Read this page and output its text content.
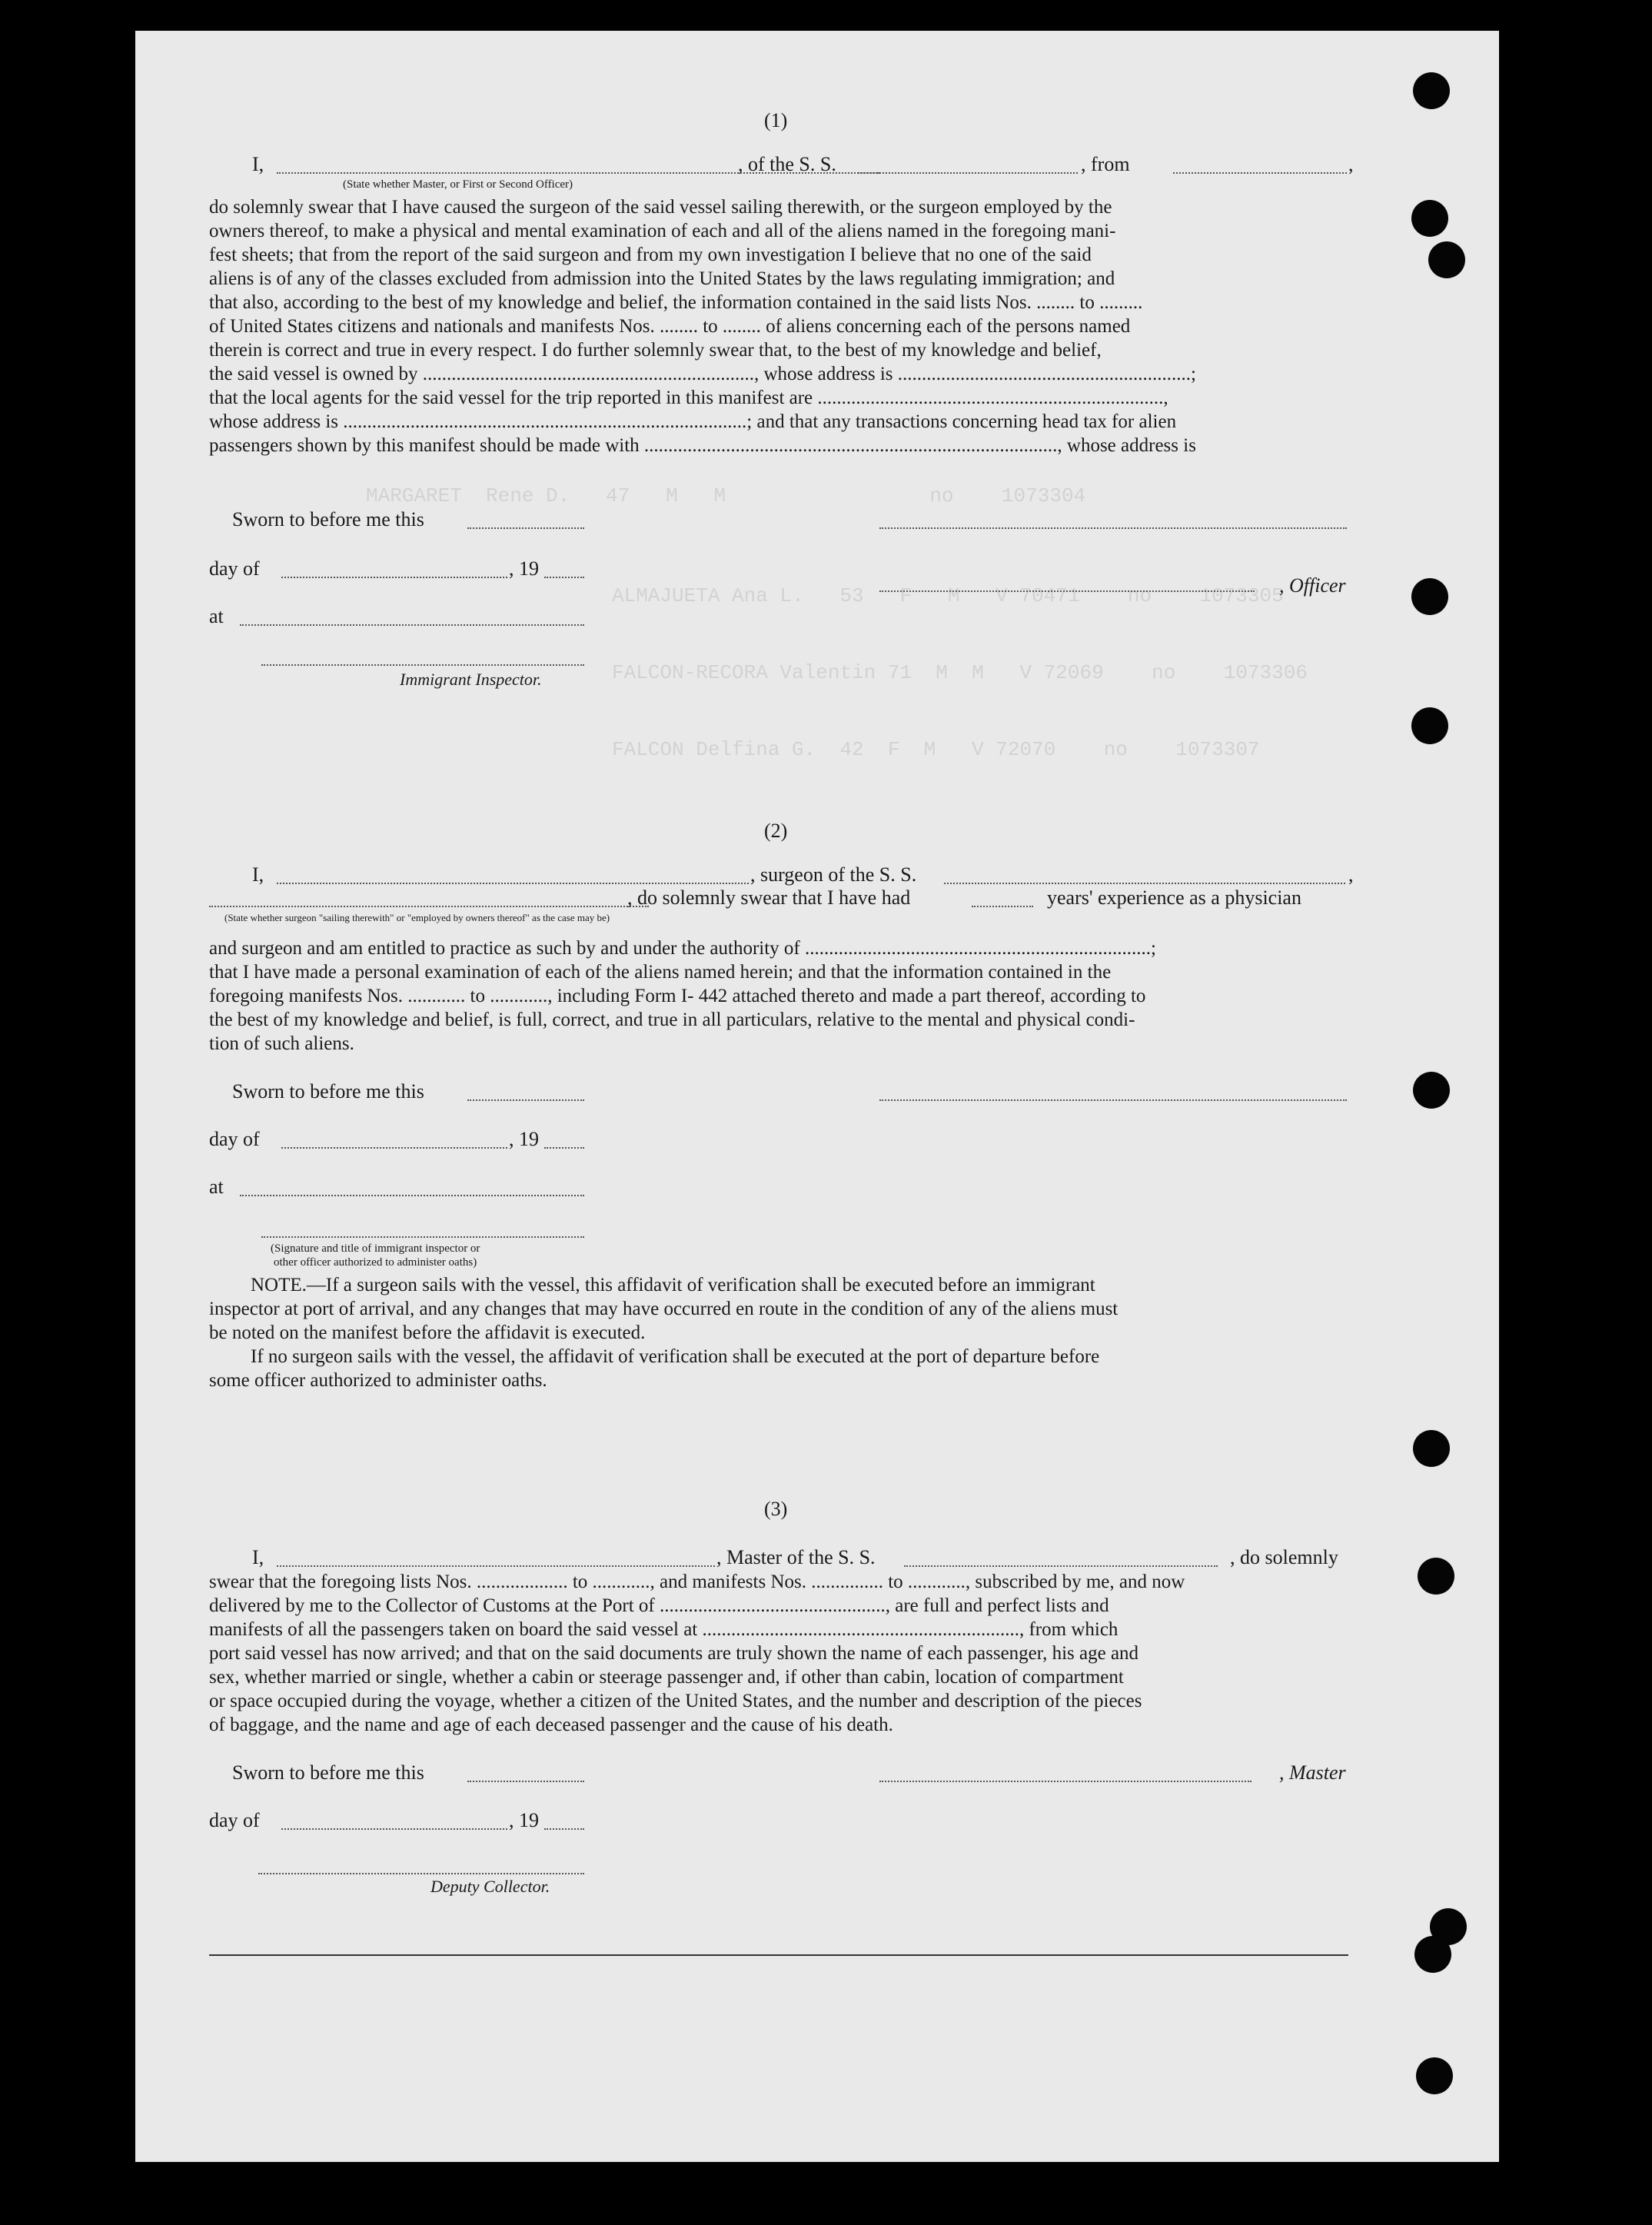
MARGARET  Rene D.   47   M   M                 no    1073304
ALMAJUETA Ana L.   53   F   M   V 70471    no    1073305
FALCON-RECORA Valentin 71  M  M   V 72069    no    1073306
FALCON Delfina G.  42  F  M   V 72070    no    1073307
(1)
I,	, of the S. S.	, from	,
(State whether Master, or First or Second Officer)
do solemnly swear that I have caused the surgeon of the said vessel sailing therewith, or the surgeon employed by the
owners thereof, to make a physical and mental examination of each and all of the aliens named in the foregoing mani-
fest sheets; that from the report of the said surgeon and from my own investigation I believe that no one of the said
aliens is of any of the classes excluded from admission into the United States by the laws regulating immigration; and
that also, according to the best of my knowledge and belief, the information contained in the said lists Nos. ........ to .........
of United States citizens and nationals and manifests Nos. ........ to ........ of aliens concerning each of the persons named
therein is correct and true in every respect. I do further solemnly swear that, to the best of my knowledge and belief,
the said vessel is owned by ....................................................................., whose address is .............................................................;
that the local agents for the said vessel for the trip reported in this manifest are ........................................................................,
whose address is ....................................................................................; and that any transactions concerning head tax for alien
passengers shown by this manifest should be made with ......................................................................................, whose address is
Sworn to before me this
day of	, 19
, Officer
at
Immigrant Inspector.
(2)
I,	, surgeon of the S. S.	,
, do solemnly swear that I have had	years' experience as a physician
(State whether surgeon "sailing therewith" or "employed by owners thereof" as the case may be)
and surgeon and am entitled to practice as such by and under the authority of ........................................................................;
that I have made a personal examination of each of the aliens named herein; and that the information contained in the
foregoing manifests Nos. ............ to ............, including Form I- 442 attached thereto and made a part thereof, according to
the best of my knowledge and belief, is full, correct, and true in all particulars, relative to the mental and physical condi-
tion of such aliens.
Sworn to before me this
day of	, 19
at
(Signature and title of immigrant inspector or
other officer authorized to administer oaths)
NOTE.—If a surgeon sails with the vessel, this affidavit of verification shall be executed before an immigrant
inspector at port of arrival, and any changes that may have occurred en route in the condition of any of the aliens must
be noted on the manifest before the affidavit is executed.
If no surgeon sails with the vessel, the affidavit of verification shall be executed at the port of departure before
some officer authorized to administer oaths.
(3)
I,	, Master of the S. S.	, do solemnly
swear that the foregoing lists Nos. ................... to ............, and manifests Nos. ............... to ............, subscribed by me, and now
delivered by me to the Collector of Customs at the Port of ..............................................., are full and perfect lists and
manifests of all the passengers taken on board the said vessel at .................................................................., from which
port said vessel has now arrived; and that on the said documents are truly shown the name of each passenger, his age and
sex, whether married or single, whether a cabin or steerage passenger and, if other than cabin, location of compartment
or space occupied during the voyage, whether a citizen of the United States, and the number and description of the pieces
of baggage, and the name and age of each deceased passenger and the cause of his death.
Sworn to before me this	, Master
day of	, 19
Deputy Collector.
